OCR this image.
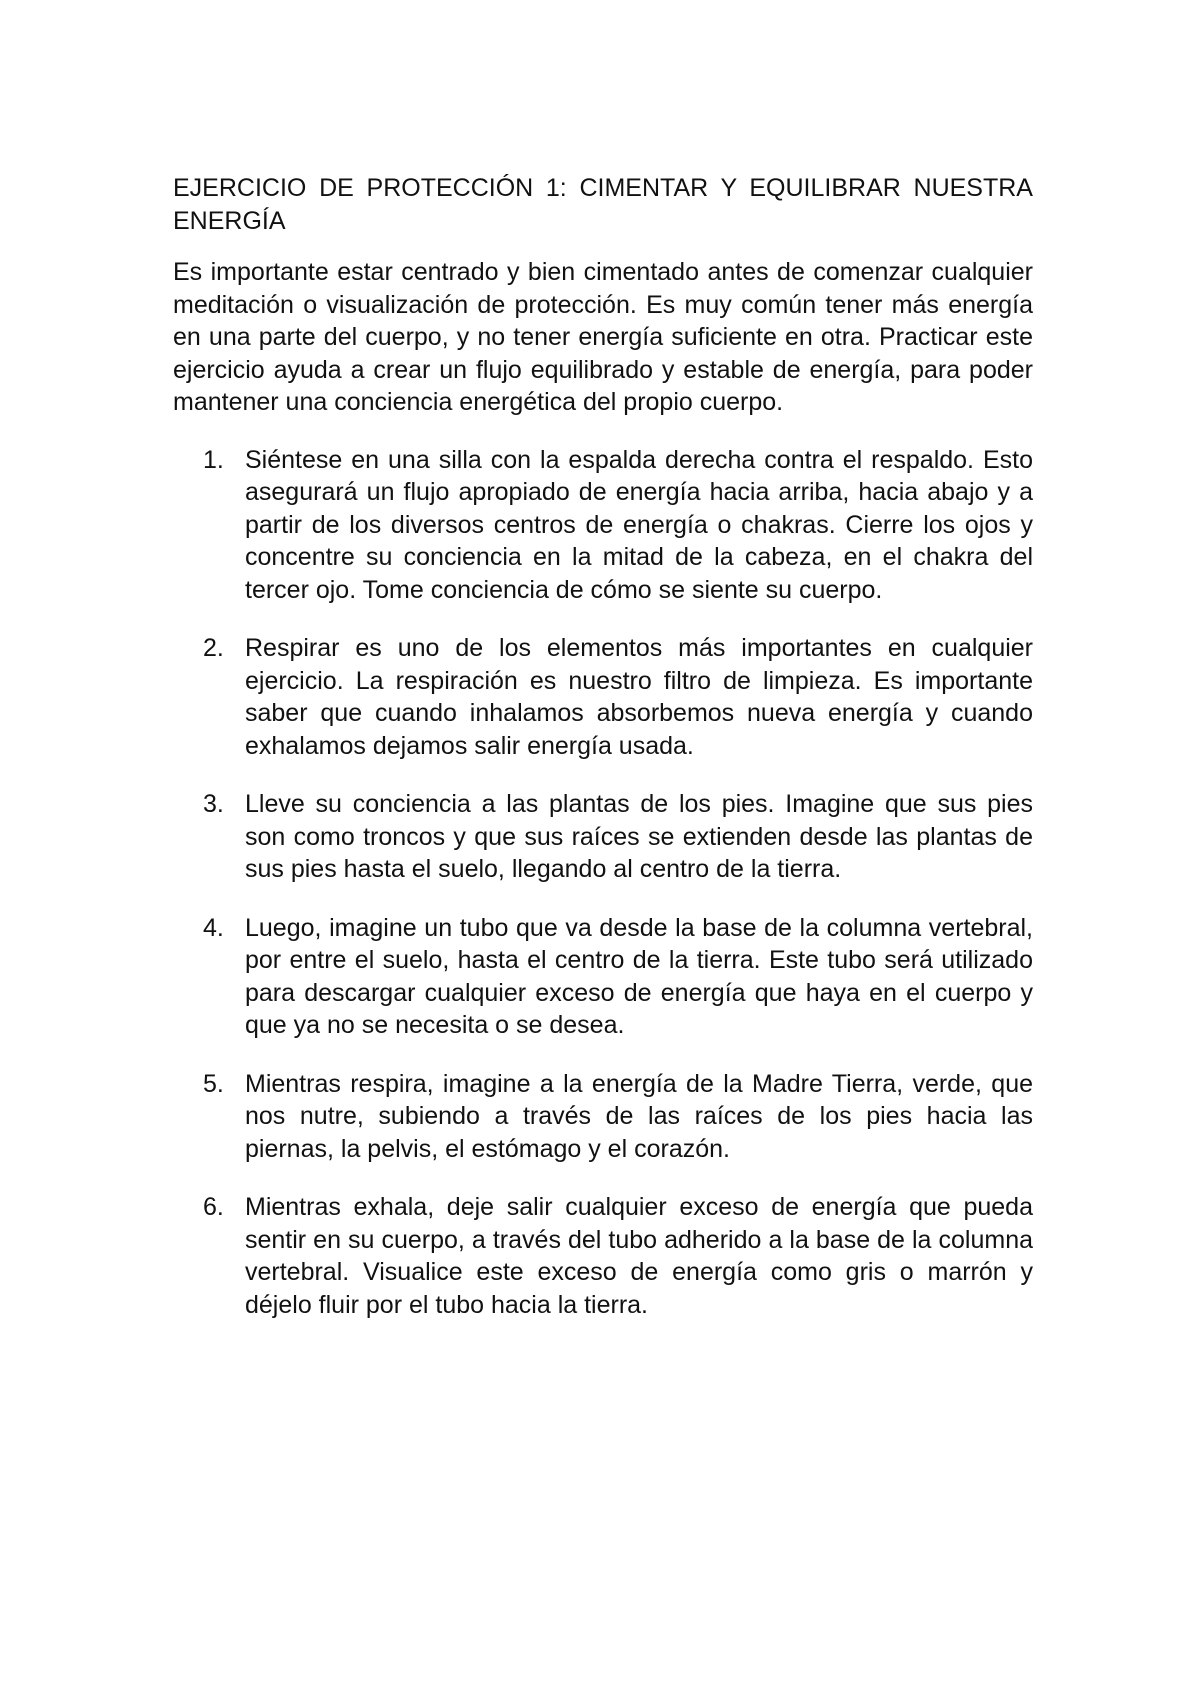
EJERCICIO DE PROTECCIÓN 1: CIMENTAR Y EQUILIBRAR NUESTRA ENERGÍA

Es importante estar centrado y bien cimentado antes de comenzar cualquier meditación o visualización de protección. Es muy común tener más energía en una parte del cuerpo, y no tener energía suficiente en otra. Practicar este ejercicio ayuda a crear un flujo equilibrado y estable de energía, para poder mantener una conciencia energética del propio cuerpo.

1. Siéntese en una silla con la espalda derecha contra el respaldo. Esto asegurará un flujo apropiado de energía hacia arriba, hacia abajo y a partir de los diversos centros de energía o chakras. Cierre los ojos y concentre su conciencia en la mitad de la cabeza, en el chakra del tercer ojo. Tome conciencia de cómo se siente su cuerpo.
2. Respirar es uno de los elementos más importantes en cualquier ejercicio. La respiración es nuestro filtro de limpieza. Es importante saber que cuando inhalamos absorbemos nueva energía y cuando exhalamos dejamos salir energía usada.
3. Lleve su conciencia a las plantas de los pies. Imagine que sus pies son como troncos y que sus raíces se extienden desde las plantas de sus pies hasta el suelo, llegando al centro de la tierra.
4. Luego, imagine un tubo que va desde la base de la columna vertebral, por entre el suelo, hasta el centro de la tierra. Este tubo será utilizado para descargar cualquier exceso de energía que haya en el cuerpo y que ya no se necesita o se desea.
5. Mientras respira, imagine a la energía de la Madre Tierra, verde, que nos nutre, subiendo a través de las raíces de los pies hacia las piernas, la pelvis, el estómago y el corazón.
6. Mientras exhala, deje salir cualquier exceso de energía que pueda sentir en su cuerpo, a través del tubo adherido a la base de la columna vertebral. Visualice este exceso de energía como gris o marrón y déjelo fluir por el tubo hacia la tierra.
